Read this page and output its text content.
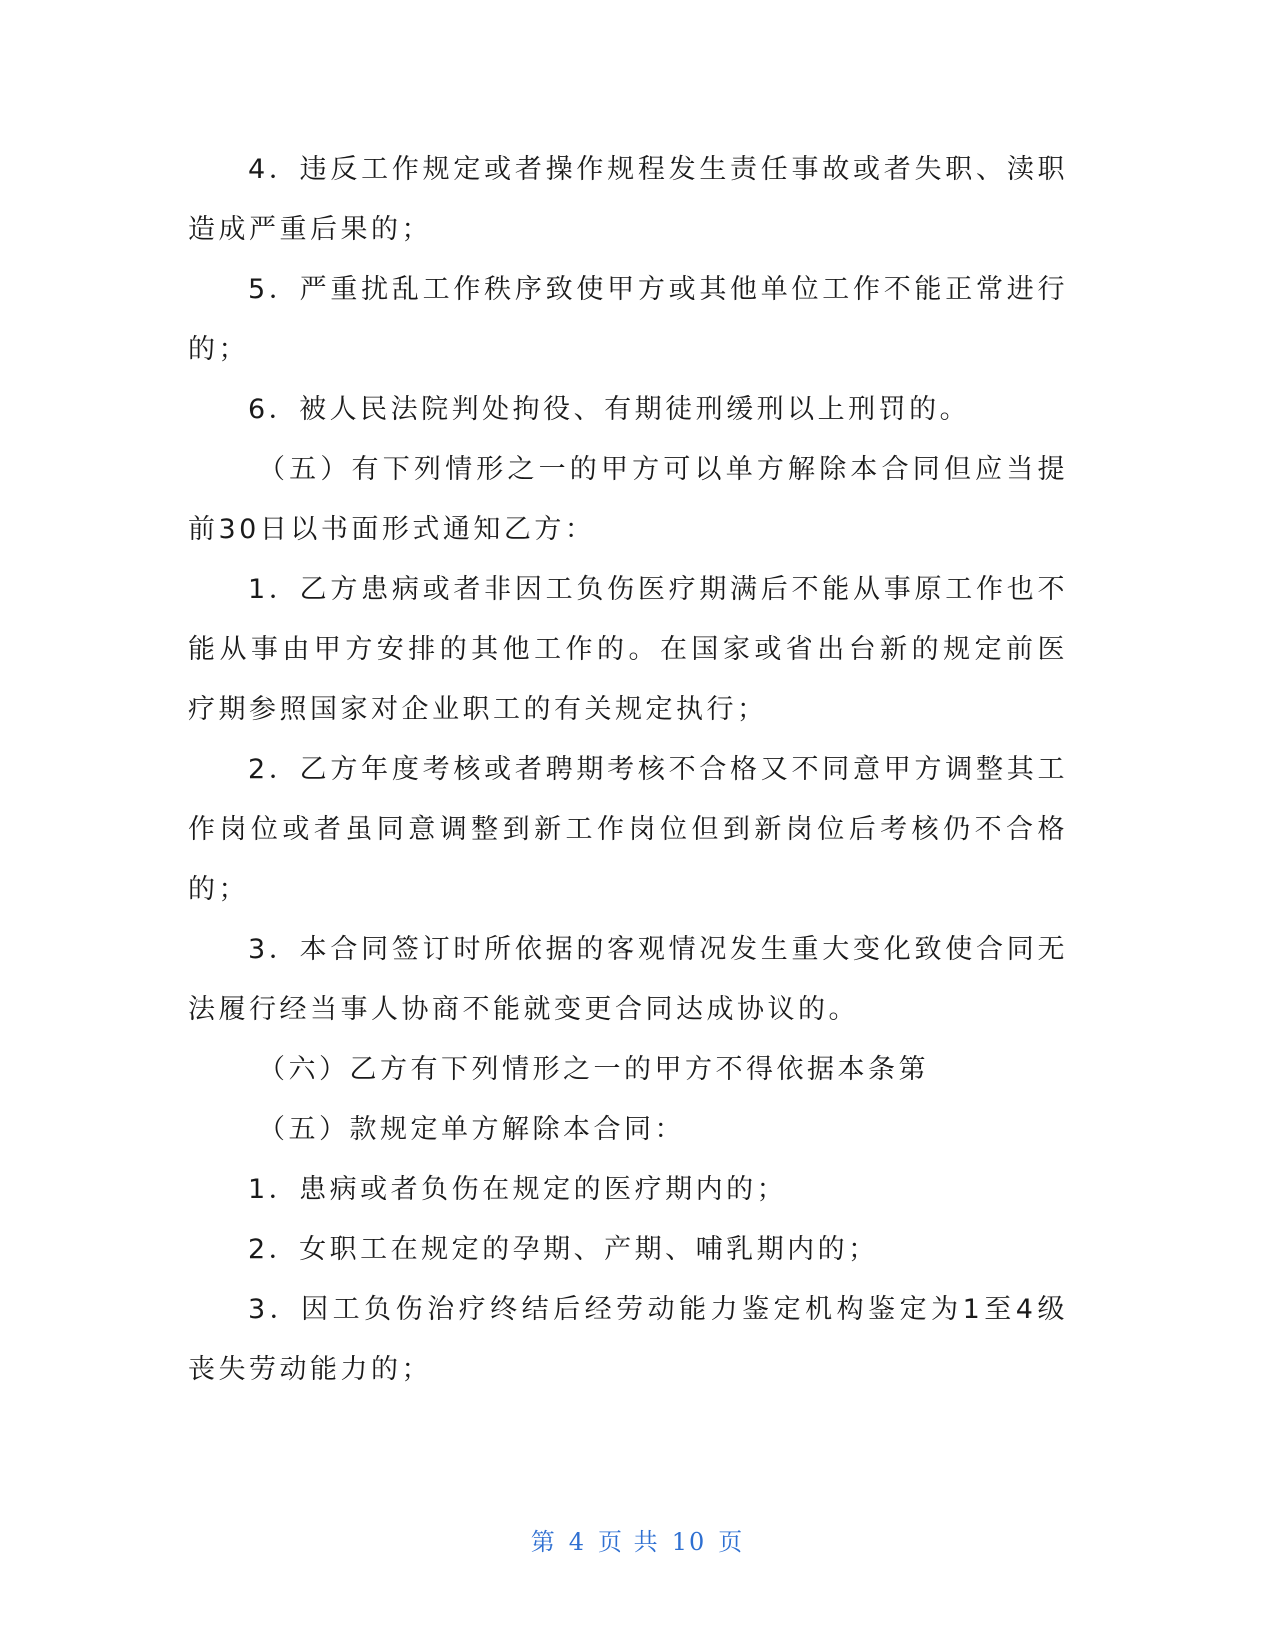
4．违反工作规定或者操作规程发生责任事故或者失职、渎职造成严重后果的；

5．严重扰乱工作秩序致使甲方或其他单位工作不能正常进行的；

6．被人民法院判处拘役、有期徒刑缓刑以上刑罚的。

（五）有下列情形之一的甲方可以单方解除本合同但应当提前30日以书面形式通知乙方：

1．乙方患病或者非因工负伤医疗期满后不能从事原工作也不能从事由甲方安排的其他工作的。在国家或省出台新的规定前医疗期参照国家对企业职工的有关规定执行；

2．乙方年度考核或者聘期考核不合格又不同意甲方调整其工作岗位或者虽同意调整到新工作岗位但到新岗位后考核仍不合格的；

3．本合同签订时所依据的客观情况发生重大变化致使合同无法履行经当事人协商不能就变更合同达成协议的。

（六）乙方有下列情形之一的甲方不得依据本条第

（五）款规定单方解除本合同：

1．患病或者负伤在规定的医疗期内的；

2．女职工在规定的孕期、产期、哺乳期内的；

3．因工负伤治疗终结后经劳动能力鉴定机构鉴定为1至4级丧失劳动能力的；

第 4 页 共 10 页
